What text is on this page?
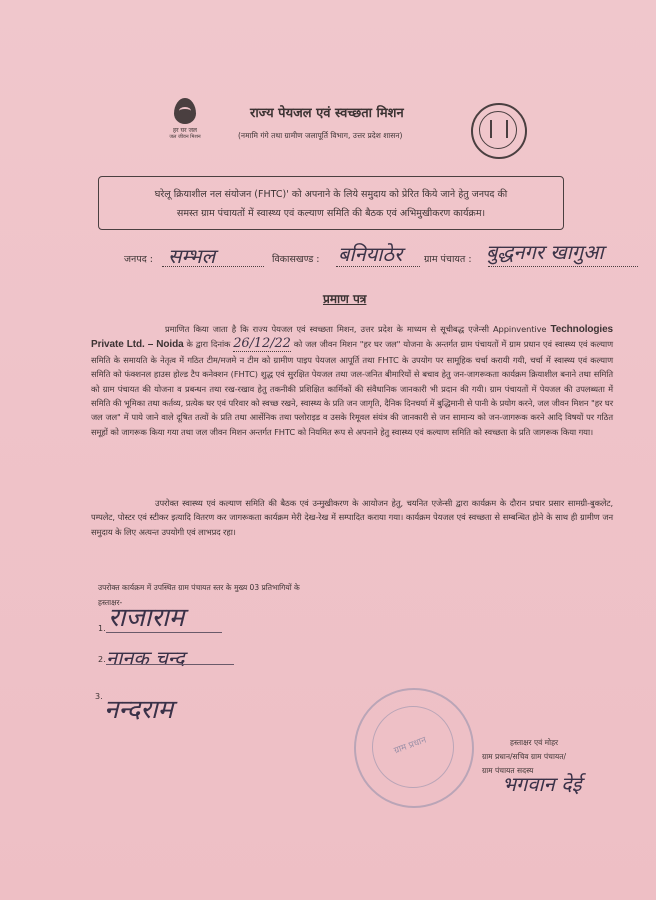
हर घर जल
जल जीवन मिशन
राज्य पेयजल एवं स्वच्छता मिशन
(नमामि गंगे तथा ग्रामीण जलापूर्ति विभाग, उत्तर प्रदेश शासन)
घरेलू क्रियाशील नल संयोजन (FHTC)' को अपनाने के लिये समुदाय को प्रेरित किये जाने हेतु जनपद की
समस्त ग्राम पंचायतों में स्वास्थ्य एवं कल्याण समिति की बैठक एवं अभिमुखीकरण कार्यक्रम।
जनपद : सम्भल	विकासखण्ड : बनियाठेर ग्राम पंचायत : बुद्धनगर खागुआ
प्रमाण पत्र
प्रमाणित किया जाता है कि राज्य पेयजल एवं स्वच्छता मिशन, उत्तर प्रदेश के माध्यम से सूचीबद्ध एजेन्सी Appinventive Technologies Private Ltd. – Noida के द्वारा दिनांक 26/12/22 को जल जीवन मिशन "हर घर जल" योजना के अन्तर्गत ग्राम पंचायतों में ग्राम प्रधान एवं स्वास्थ्य एवं कल्याण समिति के समायति के नेतृत्व में गठित टीम/मजमे न टीम को ग्रामीण पाइप पेयजल आपूर्ति तथा FHTC के उपयोग पर सामूहिक चर्चा करायी गयी, चर्चा में स्वास्थ्य एवं कल्याण समिति को फंक्शनल हाउस होल्ड टैप कनेक्शन (FHTC) शुद्ध एवं सुरक्षित पेयजल तथा जल-जनित बीमारियों से बचाव हेतु जन-जागरूकता कार्यक्रम क्रियाशील बनाने तथा समिति को ग्राम पंचायत की योजना व प्रबन्धन तथा रख-रखाव हेतु तकनीकी प्रशिक्षित कार्मिकों की संवैधानिक जानकारी भी प्रदान की गयी। ग्राम पंचायतों में पेयजल की उपलब्धता में समिति की भूमिका तथा कर्तव्य, प्रत्येक घर एवं परिवार को स्वच्छ रखने, स्वास्थ्य के प्रति जन जागृति, दैनिक दिनचर्या में बुद्धिमानी से पानी के प्रयोग करने, जल जीवन मिशन "हर घर जल जल" में पाये जाने वाले दूषित तत्वों के प्रति तथा आर्सेनिक तथा फ्लोराइड व उसके रिमूवल संयंत्र की जानकारी से जन सामान्य को जन-जागरूक करने आदि विषयों पर गठित समूहों को जागरूक किया गया तथा जल जीवन मिशन अन्तर्गत FHTC को नियमित रूप से अपनाने हेतु स्वास्थ्य एवं कल्याण समिति को स्वच्छता के प्रति जागरूक किया गया।
उपरोक्त स्वास्थ्य एवं कल्याण समिति की बैठक एवं उन्मुखीकरण के आयोजन हेतु, चयनित एजेन्सी द्वारा कार्यक्रम के दौरान प्रचार प्रसार सामग्री-बुकलेट, पम्पलेट, पोस्टर एवं स्टीकर इत्यादि वितरण कर जागरूकता कार्यक्रम मेरी देख-रेख में सम्पादित कराया गया। कार्यक्रम पेयजल एवं स्वच्छता से सम्बन्धित होने के साथ ही ग्रामीण जन समुदाय के लिए अत्यन्त उपयोगी एवं लाभप्रद रहा।
उपरोक्त कार्यक्रम में उपस्थित ग्राम पंचायत स्तर के मुख्य 03 प्रतिभागियों के
हस्ताक्षर-
1. राजाराम
2. नानक चन्द
3. नन्दराम
ग्राम प्रधान	हस्ताक्षर एवं मोहर
ग्राम प्रधान/सचिव ग्राम पंचायत/
ग्राम पंचायत सदस्य
भगवान देई
